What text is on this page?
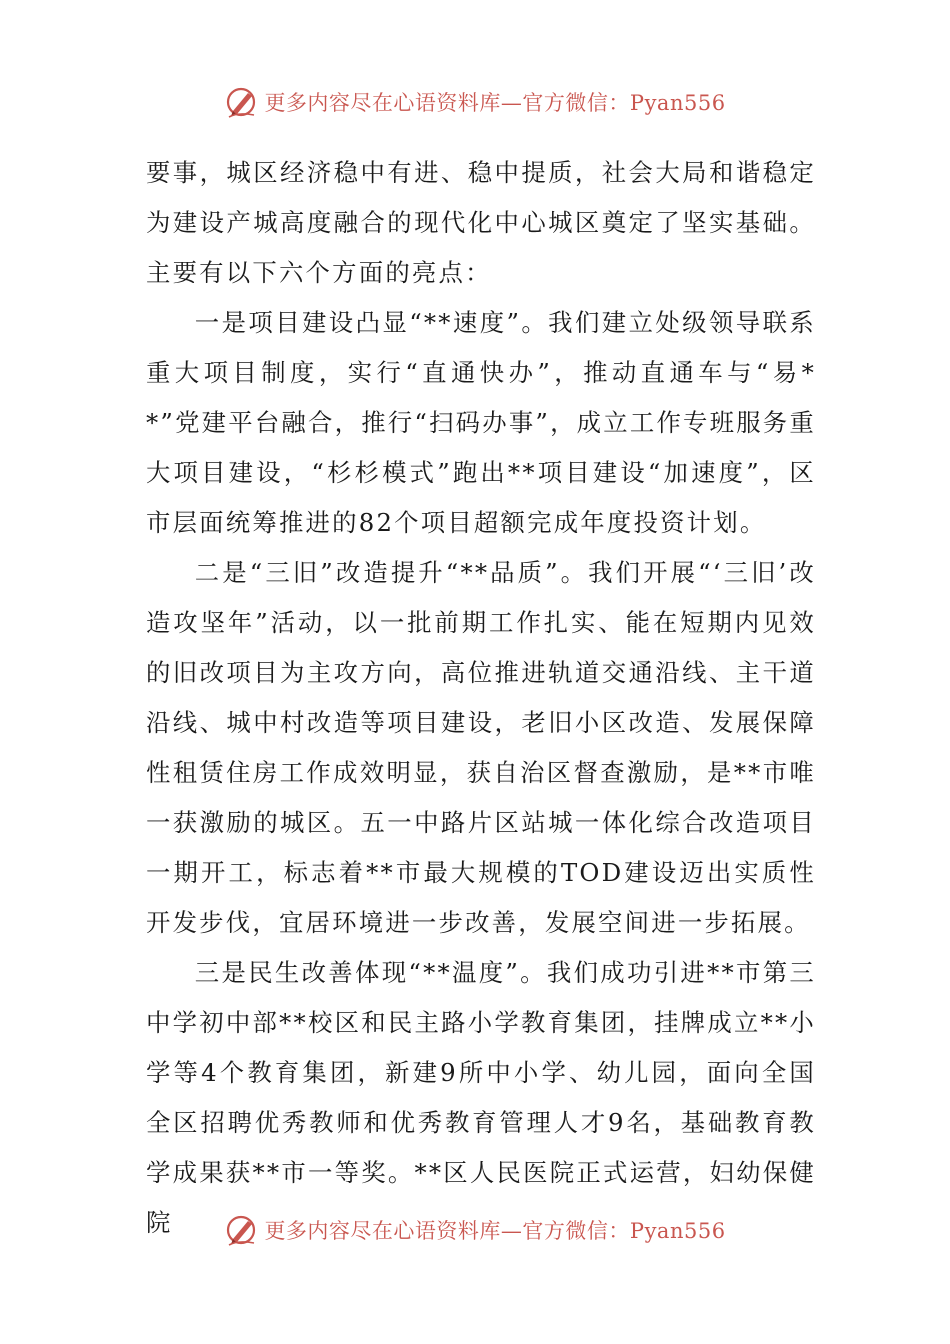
更多内容尽在心语资料库—官方微信：Pyan556

要事，城区经济稳中有进、稳中提质，社会大局和谐稳定为建设产城高度融合的现代化中心城区奠定了坚实基础。主要有以下六个方面的亮点：

一是项目建设凸显“**速度”。我们建立处级领导联系重大项目制度，实行“直通快办”，推动直通车与“易**”党建平台融合，推行“扫码办事”，成立工作专班服务重大项目建设，“杉杉模式”跑出**项目建设“加速度”，区市层面统筹推进的82个项目超额完成年度投资计划。

二是“三旧”改造提升“**品质”。我们开展“‘三旧’改造攻坚年”活动，以一批前期工作扎实、能在短期内见效的旧改项目为主攻方向，高位推进轨道交通沿线、主干道沿线、城中村改造等项目建设，老旧小区改造、发展保障性租赁住房工作成效明显，获自治区督查激励，是**市唯一获激励的城区。五一中路片区站城一体化综合改造项目一期开工，标志着**市最大规模的TOD建设迈出实质性开发步伐，宜居环境进一步改善，发展空间进一步拓展。

三是民生改善体现“**温度”。我们成功引进**市第三中学初中部**校区和民主路小学教育集团，挂牌成立**小学等4个教育集团，新建9所中小学、幼儿园，面向全国全区招聘优秀教师和优秀教育管理人才9名，基础教育教学成果获**市一等奖。**区人民医院正式运营，妇幼保健院	更多内容尽在心语资料库—官方微信：Pyan556
